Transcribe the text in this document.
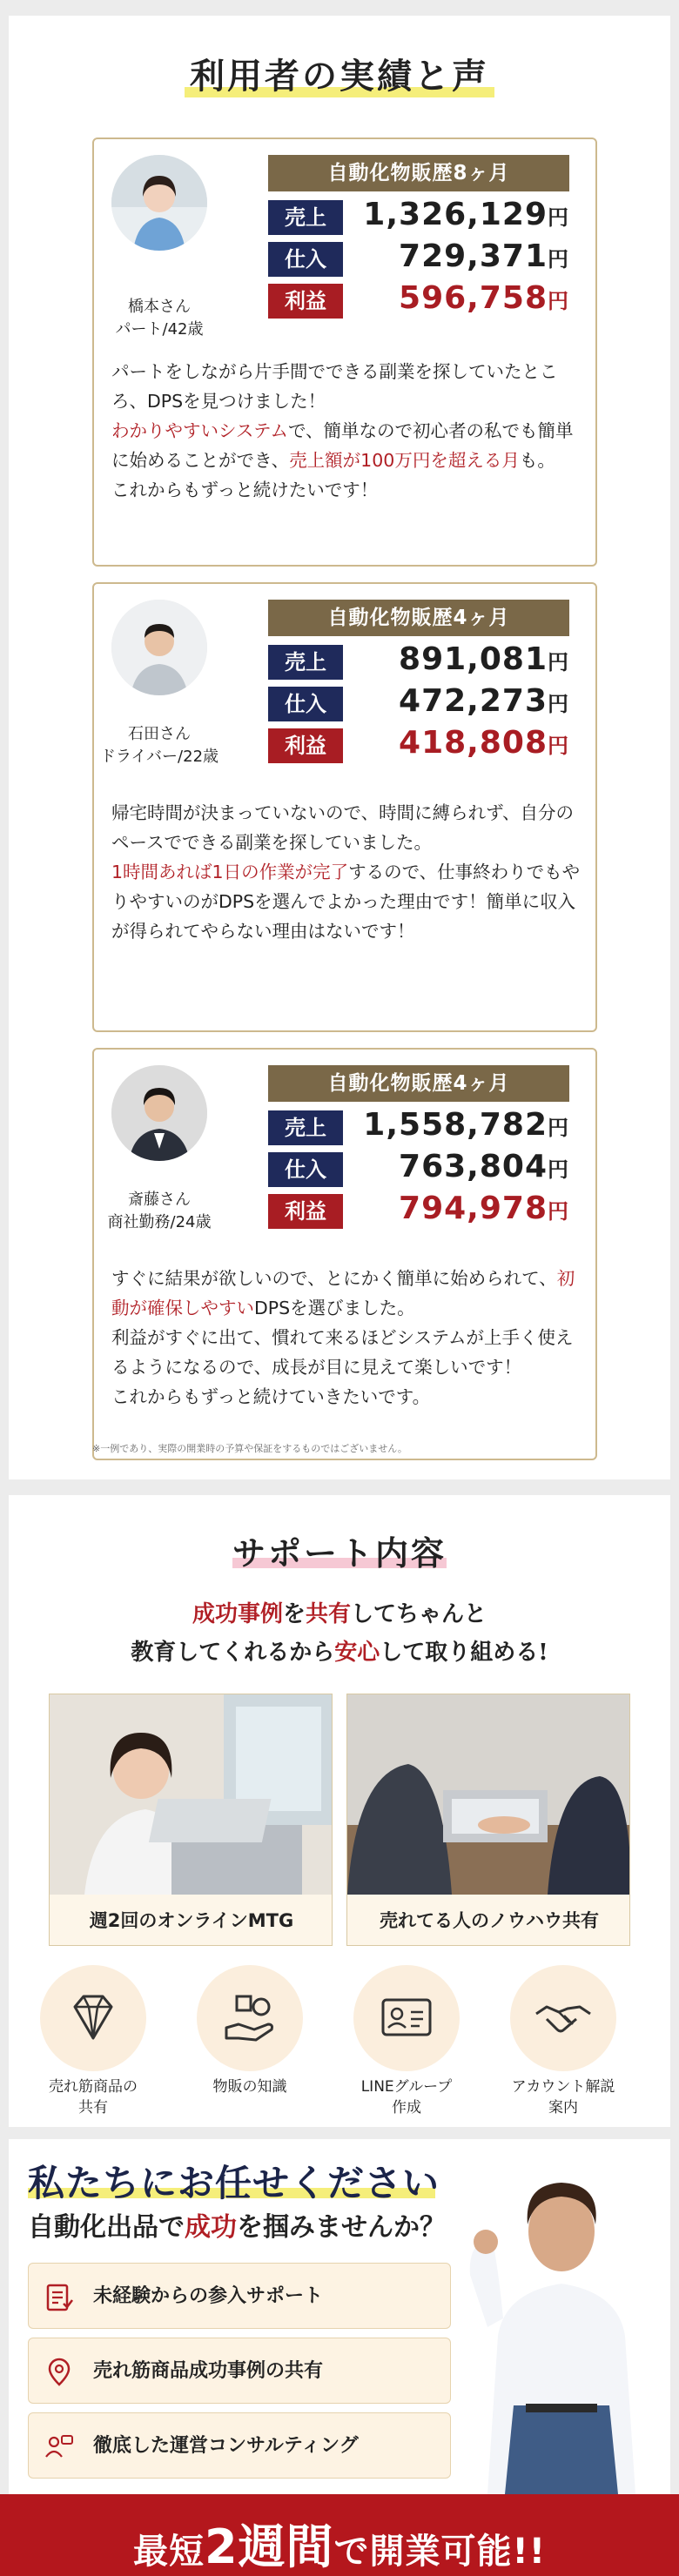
利用者の実績と声
橋本さん
パート/42歳
自動化物販歴8ヶ月
売上	1,326,129円
仕入	729,371円
利益	596,758円

パートをしながら片手間でできる副業を探していたところ、DPSを見つけました！

わかりやすいシステムで、簡単なので初心者の私でも簡単に始めることができ、売上額が100万円を超える月も。

これからもずっと続けたいです！

石田さん
ドライバー/22歳
自動化物販歴4ヶ月
売上	891,081円
仕入	472,273円
利益	418,808円

帰宅時間が決まっていないので、時間に縛られず、自分のペースでできる副業を探していました。

1時間あれば1日の作業が完了するので、仕事終わりでもやりやすいのがDPSを選んでよかった理由です！簡単に収入が得られてやらない理由はないです！

斎藤さん
商社勤務/24歳
自動化物販歴4ヶ月
売上	1,558,782円
仕入	763,804円
利益	794,978円

すぐに結果が欲しいので、とにかく簡単に始められて、初動が確保しやすいDPSを選びました。

利益がすぐに出て、慣れて来るほどシステムが上手く使えるようになるので、成長が目に見えて楽しいです！

これからもずっと続けていきたいです。

※一例であり、実際の開業時の予算や保証をするものではございません。
サポート内容
成功事例を共有してちゃんと
教育してくれるから安心して取り組める!
週2回のオンラインMTG	売れてる人のノウハウ共有
売れ筋商品の
共有
物販の知識	LINEグループ
作成
アカウント解説
案内
私たちにお任せください
自動化出品で成功を掴みませんか？
未経験からの参入サポート
売れ筋商品成功事例の共有
徹底した運営コンサルティング
最短2週間で開業可能!!
